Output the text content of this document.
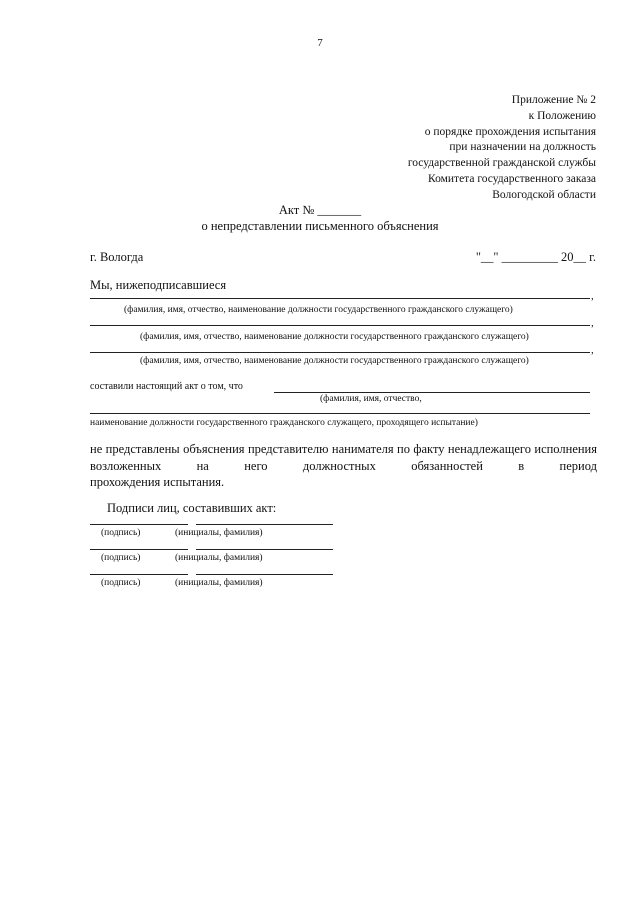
7
Приложение № 2
к Положению
о порядке прохождения испытания
при назначении на должность
государственной гражданской службы
Комитета государственного заказа
Вологодской области
Акт № _______
о непредставлении письменного объяснения
г. Вологда	"__" _________ 20__ г.
Мы, нижеподписавшиеся
,
(фамилия, имя, отчество, наименование должности государственного гражданского служащего)
,
(фамилия, имя, отчество, наименование должности государственного гражданского служащего)
,
(фамилия, имя, отчество, наименование должности государственного гражданского служащего)
составили настоящий акт о том, что
(фамилия, имя, отчество,
наименование должности государственного гражданского служащего, проходящего испытание)
не представлены объяснения представителю нанимателя по факту ненадлежащего исполнения возложенных на него должностных обязанностей в период
прохождения испытания.
Подписи лиц, составивших акт:
(подпись)	(инициалы, фамилия)
(подпись)	(инициалы, фамилия)
(подпись)	(инициалы, фамилия)
